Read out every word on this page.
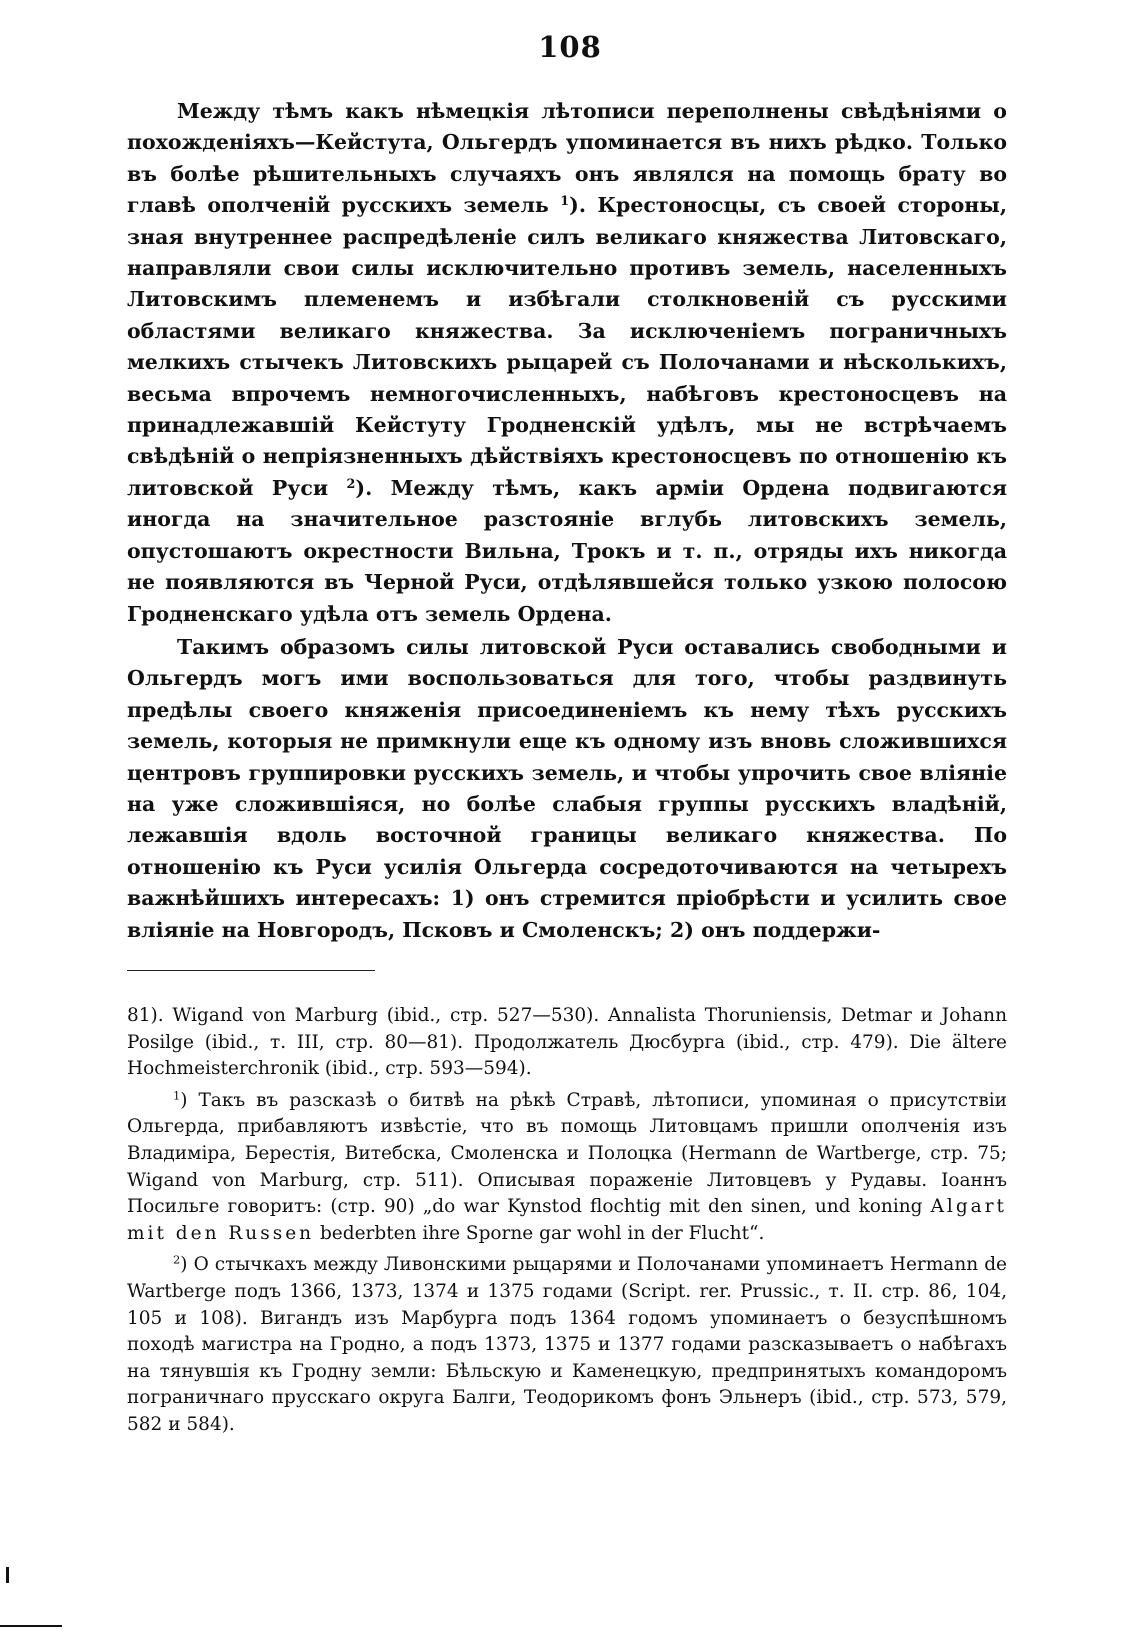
108

Между тѣмъ какъ нѣмецкія лѣтописи переполнены свѣдѣніями о похожденіяхъ—Кейстута, Ольгердъ упоминается въ нихъ рѣдко. Только въ болѣе рѣшительныхъ случаяхъ онъ являлся на помощь брату во главѣ ополченій русскихъ земель $^1$). Крестоносцы, съ своей стороны, зная внутреннее распредѣленіе силъ великаго княжества Литовскаго, направляли свои силы исключительно противъ земель, населенныхъ Литовскимъ племенемъ и избѣгали столкновеній съ русскими областями великаго княжества. За исключеніемъ пограничныхъ мелкихъ стычекъ Литовскихъ рыцарей съ Полочанами и нѣсколькихъ, весьма впрочемъ немногочисленныхъ, набѣговъ крестоносцевъ на принадлежавшій Кейстуту Гродненскій удѣлъ, мы не встрѣчаемъ свѣдѣній о непріязненныхъ дѣйствіяхъ крестоносцевъ по отношенію къ литовской Руси $^2$). Между тѣмъ, какъ арміи Ордена подвигаются иногда на значительное разстояніе вглубь литовскихъ земель, опустошаютъ окрестности Вильна, Трокъ и т. п., отряды ихъ никогда не появляются въ Черной Руси, отдѣлявшейся только узкою полосою Гродненскаго удѣла отъ земель Ордена.

Такимъ образомъ силы литовской Руси оставались свободными и Ольгердъ могъ ими воспользоваться для того, чтобы раздвинуть предѣлы своего княженія присоединеніемъ къ нему тѣхъ русскихъ земель, которыя не примкнули еще къ одному изъ вновь сложившихся центровъ группировки русскихъ земель, и чтобы упрочить свое вліяніе на уже сложившіяся, но болѣе слабыя группы русскихъ владѣній, лежавшія вдоль восточной границы великаго княжества. По отношенію къ Руси усилія Ольгерда сосредоточиваются на четырехъ важнѣйшихъ интересахъ: 1) онъ стремится пріобрѣсти и усилить свое вліяніе на Новгородъ, Псковъ и Смоленскъ; 2) онъ поддержи-

81). Wigand von Marburg (ibid., стр. 527—530). Annalista Thoruniensis, Detmar и Johann Posilge (ibid., т. III, стр. 80—81). Продолжатель Дюсбурга (ibid., стр. 479). Die ältere Hochmeisterchronik (ibid., стр. 593—594).

$^1$) Такъ въ разсказѣ о битвѣ на рѣкѣ Стравѣ, лѣтописи, упоминая о присутствіи Ольгерда, прибавляютъ извѣстіе, что въ помощь Литовцамъ пришли ополченія изъ Владиміра, Берестія, Витебска, Смоленска и Полоцка (Hermann de Wartberge, стр. 75; Wigand von Marburg, стр. 511). Описывая пораженіе Литовцевъ у Рудавы. Іоаннъ Посильге говоритъ: (стр. 90) „do war Kynstod flochtig mit den sinen, und koning Algart mit den Russen bederbten ihre Sporne gar wohl in der Flucht“.

$^2$) О стычкахъ между Ливонскими рыцарями и Полочанами упоминаетъ Hermann de Wartberge подъ 1366, 1373, 1374 и 1375 годами (Script. rer. Prussic., т. II. стр. 86, 104, 105 и 108). Вигандъ изъ Марбурга подъ 1364 годомъ упоминаетъ о безуспѣшномъ походѣ магистра на Гродно, а подъ 1373, 1375 и 1377 годами разсказываетъ о набѣгахъ на тянувшія къ Гродну земли: Бѣльскую и Каменецкую, предпринятыхъ командоромъ пограничнаго прусскаго округа Балги, Теодорикомъ фонъ Эльнеръ (ibid., стр. 573, 579, 582 и 584).
